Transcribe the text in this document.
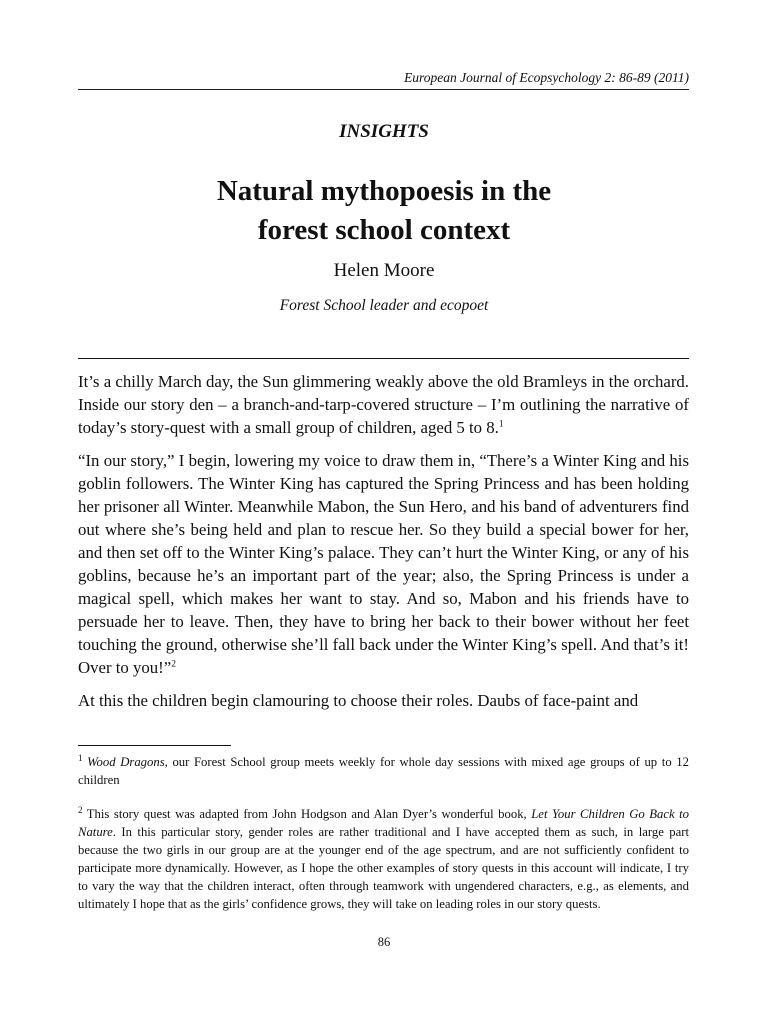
European Journal of Ecopsychology 2: 86-89 (2011)
INSIGHTS
Natural mythopoesis in the
forest school context
Helen Moore
Forest School leader and ecopoet

It’s a chilly March day, the Sun glimmering weakly above the old Bramleys in the orchard. Inside our story den – a branch-and-tarp-covered structure – I’m outlining the narrative of today’s story-quest with a small group of children, aged 5 to 8.$^1$

“In our story,” I begin, lowering my voice to draw them in, “There’s a Winter King and his goblin followers. The Winter King has captured the Spring Princess and has been holding her prisoner all Winter. Meanwhile Mabon, the Sun Hero, and his band of adventurers find out where she’s being held and plan to rescue her. So they build a special bower for her, and then set off to the Winter King’s palace. They can’t hurt the Winter King, or any of his goblins, because he’s an important part of the year; also, the Spring Princess is under a magical spell, which makes her want to stay. And so, Mabon and his friends have to persuade her to leave. Then, they have to bring her back to their bower without her feet touching the ground, otherwise she’ll fall back under the Winter King’s spell. And that’s it! Over to you!”$^2$

At this the children begin clamouring to choose their roles. Daubs of face-paint and

$^1$ Wood Dragons, our Forest School group meets weekly for whole day sessions with mixed age groups of up to 12 children

$^2$ This story quest was adapted from John Hodgson and Alan Dyer’s wonderful book, Let Your Children Go Back to Nature. In this particular story, gender roles are rather traditional and I have accepted them as such, in large part because the two girls in our group are at the younger end of the age spectrum, and are not sufficiently confident to participate more dynamically. However, as I hope the other examples of story quests in this account will indicate, I try to vary the way that the children interact, often through teamwork with ungendered characters, e.g., as elements, and ultimately I hope that as the girls’ confidence grows, they will take on leading roles in our story quests.

86
